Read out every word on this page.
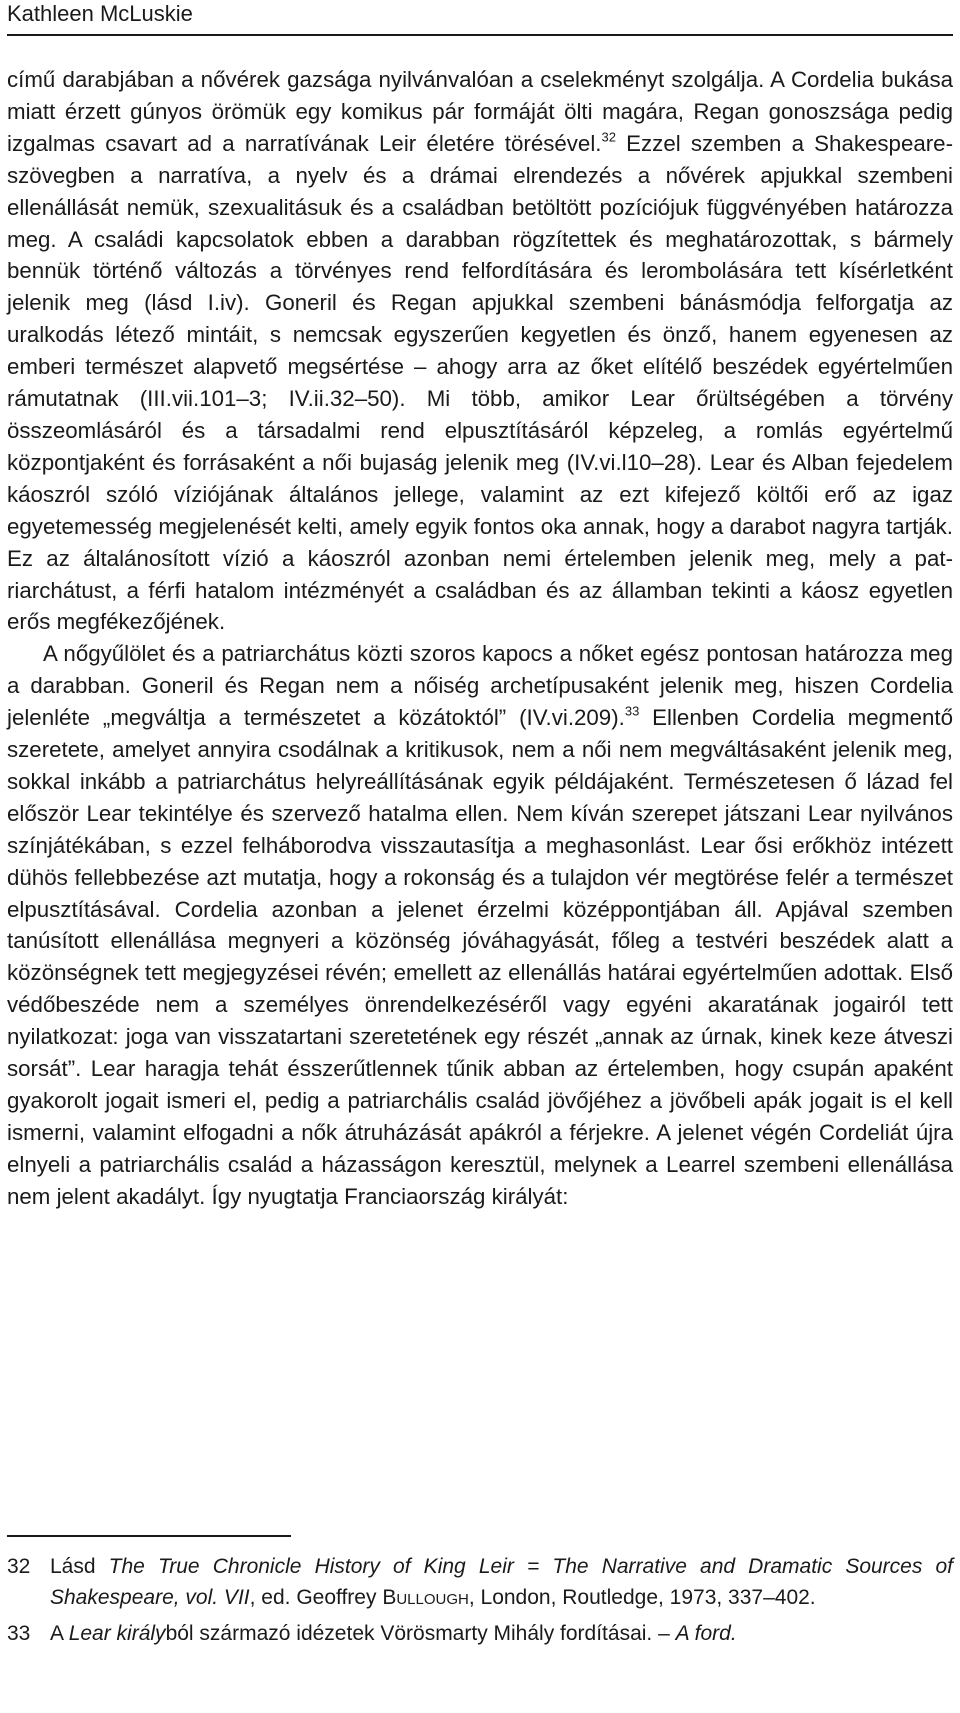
Kathleen McLuskie

című darabjában a nővérek gazsága nyilvánvalóan a cselekményt szolgálja. A Cordelia bukása miatt érzett gúnyos örömük egy komikus pár formáját ölti magára, Regan gonoszsága pedig izgalmas csavart ad a narratívának Leir életére törésével.$^{32}$ Ezzel szemben a Shakespeare-szövegben a narratíva, a nyelv és a drámai elrendezés a nővérek apjukkal szembeni ellenállását nemük, szexualitásuk és a családban betöltött pozíciójuk függvényében határozza meg. A családi kapcsolatok ebben a darabban rögzítettek és meghatározottak, s bármely bennük történő változás a törvényes rend felfordítására és lerombolására tett kísérletként jelenik meg (lásd I.iv). Goneril és Regan apjukkal szembeni bánásmódja felforgatja az uralkodás létező mintáit, s nemcsak egyszerűen kegyetlen és önző, hanem egyenesen az emberi természet alapvető megsértése – ahogy arra az őket elítélő beszédek egyértelműen rámutatnak (III.vii.101–3; IV.ii.32–50). Mi több, amikor Lear őrültségében a törvény összeomlásáról és a társadalmi rend elpusztításáról képzeleg, a romlás egyértelmű központjaként és forrásaként a női bujaság jelenik meg (IV.vi.l10–28). Lear és Alban fejedelem káoszról szóló víziójának általános jellege, valamint az ezt kifejező költői erő az igaz egyetemesség megjelenését kelti, amely egyik fontos oka annak, hogy a darabot nagyra tartják. Ez az általánosított vízió a káoszról azonban nemi értelemben jelenik meg, mely a patriarchátust, a férfi hatalom intézményét a családban és az államban tekinti a káosz egyetlen erős megfékezőjének.

A nőgyűlölet és a patriarchátus közti szoros kapocs a nőket egész pontosan határozza meg a darabban. Goneril és Regan nem a nőiség archetípusaként jelenik meg, hiszen Cordelia jelenléte „megváltja a természetet a közátoktól” (IV.vi.209).$^{33}$ Ellenben Cordelia megmentő szeretete, amelyet annyira csodálnak a kritikusok, nem a női nem megváltásaként jelenik meg, sokkal inkább a patriarchátus helyreállításának egyik példájaként. Természetesen ő lázad fel először Lear tekintélye és szervező hatalma ellen. Nem kíván szerepet játszani Lear nyilvános színjátékában, s ezzel felháborodva visszautasítja a meghasonlást. Lear ősi erőkhöz intézett dühös fellebbezése azt mutatja, hogy a rokonság és a tulajdon vér megtörése felér a természet elpusztításával. Cordelia azonban a jelenet érzelmi középpontjában áll. Apjával szemben tanúsított ellenállása megnyeri a közönség jóváhagyását, főleg a testvéri beszédek alatt a közönségnek tett megjegyzései révén; emellett az ellenállás határai egyértelműen adottak. Első védőbeszéde nem a személyes önrendelkezéséről vagy egyéni akaratának jogairól tett nyilatkozat: joga van visszatartani szeretetének egy részét „annak az úrnak, kinek keze átveszi sorsát”. Lear haragja tehát ésszerűtlennek tűnik abban az értelemben, hogy csupán apaként gyakorolt jogait ismeri el, pedig a patriarchális család jövőjéhez a jövőbeli apák jogait is el kell ismerni, valamint elfogadni a nők átruházását apákról a férjekre. A jelenet végén Cordeliát újra elnyeli a patriarchális család a házasságon keresztül, melynek a Learrel szembeni ellenállása nem jelent akadályt. Így nyugtatja Franciaország királyát:

32 Lásd The True Chronicle History of King Leir = The Narrative and Dramatic Sources of Shakespeare, vol. VII, ed. Geoffrey Bullough, London, Routledge, 1973, 337–402.
33 A Lear királyból származó idézetek Vörösmarty Mihály fordításai. – A ford.
